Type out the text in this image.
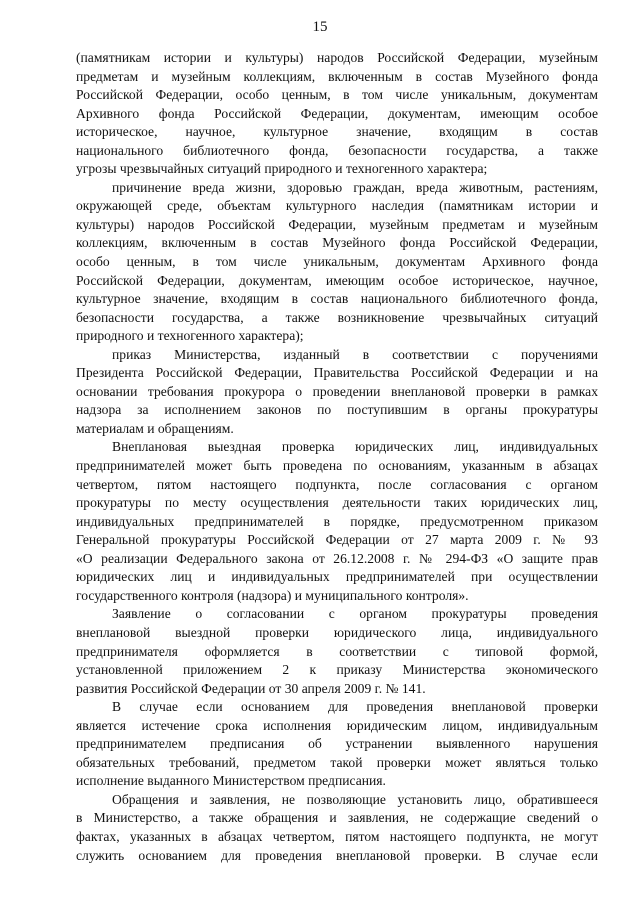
15
(памятникам истории и культуры) народов Российской Федерации, музейным
предметам и музейным коллекциям, включенным в состав Музейного фонда
Российской Федерации, особо ценным, в том числе уникальным, документам
Архивного фонда Российской Федерации, документам, имеющим особое
историческое, научное, культурное значение, входящим в состав
национального библиотечного фонда, безопасности государства, а также
угрозы чрезвычайных ситуаций природного и техногенного характера;
причинение вреда жизни, здоровью граждан, вреда животным, растениям,
окружающей среде, объектам культурного наследия (памятникам истории и
культуры) народов Российской Федерации, музейным предметам и музейным
коллекциям, включенным в состав Музейного фонда Российской Федерации,
особо ценным, в том числе уникальным, документам Архивного фонда
Российской Федерации, документам, имеющим особое историческое, научное,
культурное значение, входящим в состав национального библиотечного фонда,
безопасности государства, а также возникновение чрезвычайных ситуаций
природного и техногенного характера);
приказ Министерства, изданный в соответствии с поручениями
Президента Российской Федерации, Правительства Российской Федерации и на
основании требования прокурора о проведении внеплановой проверки в рамках
надзора за исполнением законов по поступившим в органы прокуратуры
материалам и обращениям.
Внеплановая выездная проверка юридических лиц, индивидуальных
предпринимателей может быть проведена по основаниям, указанным в абзацах
четвертом, пятом настоящего подпункта, после согласования с органом
прокуратуры по месту осуществления деятельности таких юридических лиц,
индивидуальных предпринимателей в порядке, предусмотренном приказом
Генеральной прокуратуры Российской Федерации от 27 марта 2009 г. № 93
«О реализации Федерального закона от 26.12.2008 г. № 294-ФЗ «О защите прав
юридических лиц и индивидуальных предпринимателей при осуществлении
государственного контроля (надзора) и муниципального контроля».
Заявление о согласовании с органом прокуратуры проведения
внеплановой выездной проверки юридического лица, индивидуального
предпринимателя оформляется в соответствии с типовой формой,
установленной приложением 2 к приказу Министерства экономического
развития Российской Федерации от 30 апреля 2009 г. № 141.
В случае если основанием для проведения внеплановой проверки
является истечение срока исполнения юридическим лицом, индивидуальным
предпринимателем предписания об устранении выявленного нарушения
обязательных требований, предметом такой проверки может являться только
исполнение выданного Министерством предписания.
Обращения и заявления, не позволяющие установить лицо, обратившееся
в Министерство, а также обращения и заявления, не содержащие сведений о
фактах, указанных в абзацах четвертом, пятом настоящего подпункта, не могут
служить основанием для проведения внеплановой проверки. В случае если
